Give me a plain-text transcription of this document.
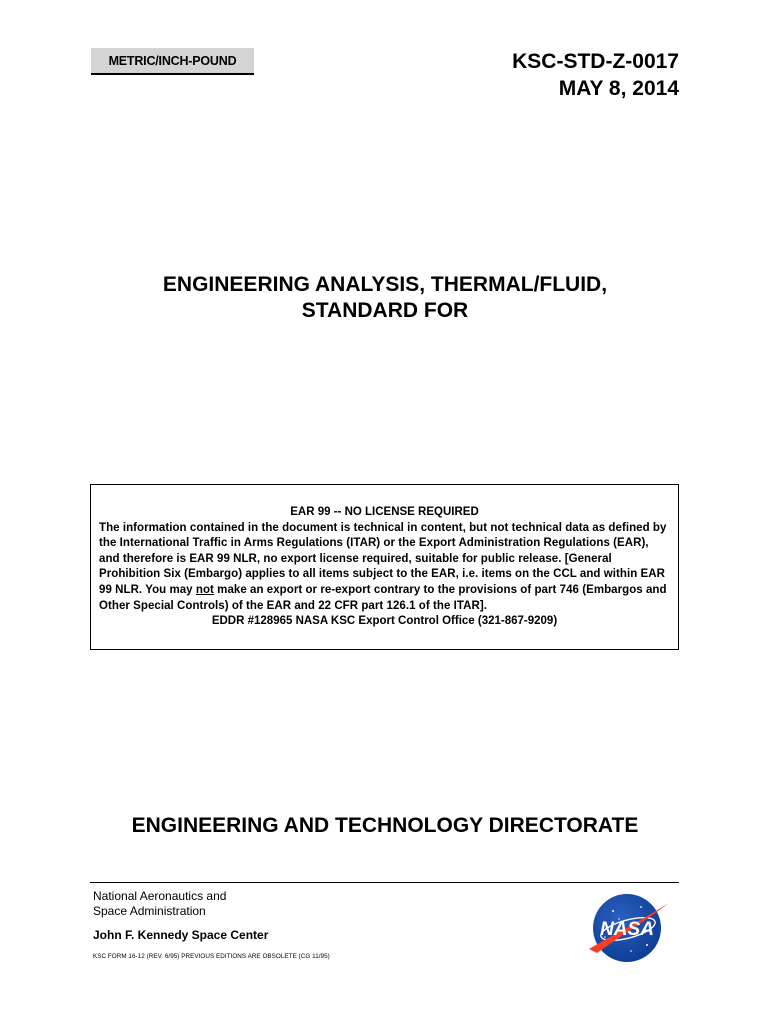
METRIC/INCH-POUND	KSC-STD-Z-0017
MAY 8, 2014
ENGINEERING ANALYSIS, THERMAL/FLUID,
STANDARD FOR
EAR 99 -- NO LICENSE REQUIRED
The information contained in the document is technical in content, but not technical data as defined by the International Traffic in Arms Regulations (ITAR) or the Export Administration Regulations (EAR), and therefore is EAR 99 NLR, no export license required, suitable for public release. [General Prohibition Six (Embargo) applies to all items subject to the EAR, i.e. items on the CCL and within EAR 99 NLR. You may not make an export or re-export contrary to the provisions of part 746 (Embargos and Other Special Controls) of the EAR and 22 CFR part 126.1 of the ITAR].
EDDR #128965 NASA KSC Export Control Office (321-867-9209)
ENGINEERING AND TECHNOLOGY DIRECTORATE
National Aeronautics and
Space Administration
John F. Kennedy Space Center
KSC FORM 16-12 (REV. 6/95) PREVIOUS EDITIONS ARE OBSOLETE (CG 11/95)
NASA
